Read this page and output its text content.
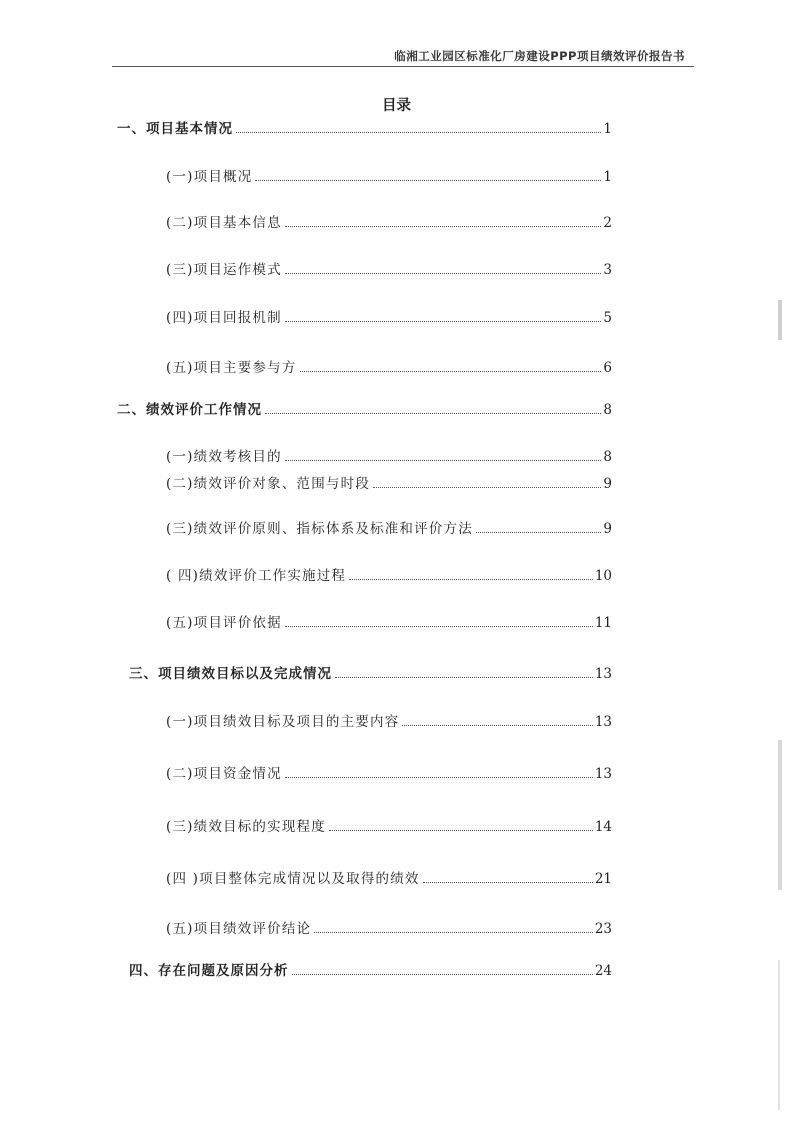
临湘工业园区标准化厂房建设PPP项目绩效评价报告书
目录
一、项目基本情况	1
(一)项目概况	1
(二)项目基本信息	2
(三)项目运作模式	3
(四)项目回报机制	5
(五)项目主要参与方	6
二、绩效评价工作情况	8
(一)绩效考核目的	8
(二)绩效评价对象、范围与时段	9
(三)绩效评价原则、指标体系及标准和评价方法	9
( 四)绩效评价工作实施过程	10
(五)项目评价依据	11
三、项目绩效目标以及完成情况	13
(一)项目绩效目标及项目的主要内容	13
(二)项目资金情况	13
(三)绩效目标的实现程度	14
(四 )项目整体完成情况以及取得的绩效	21
(五)项目绩效评价结论	23
四、存在问题及原因分析	24
